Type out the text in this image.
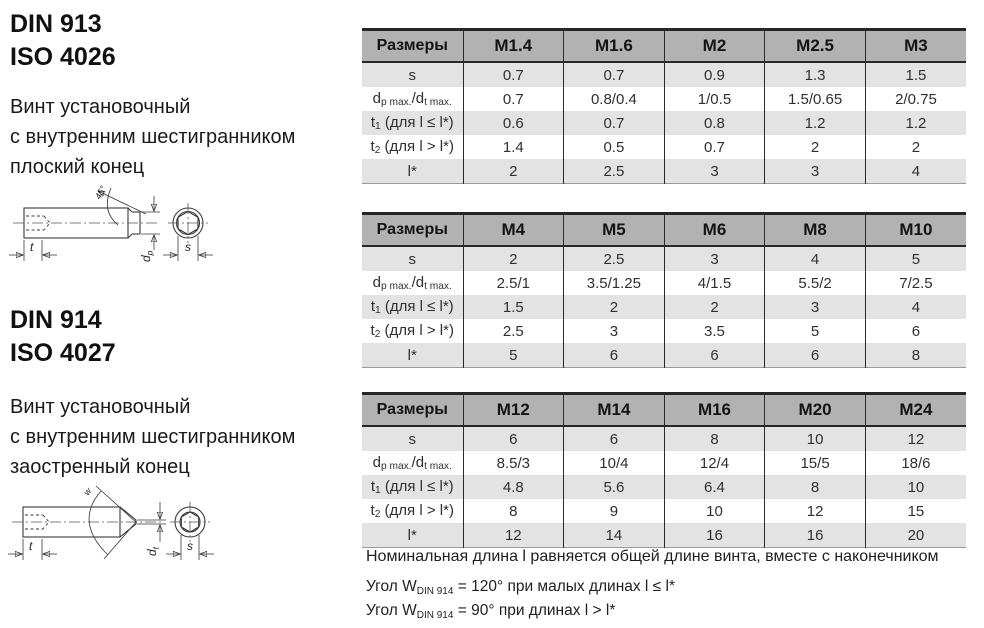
DIN 913
ISO 4026
Винт установочный
с внутренним шестигранником
плоский конец
45°
$d_p$
t	s
DIN 914
ISO 4027
Винт установочный
с внутренним шестигранником
заостренный конец
w
$d_t$
t	s
Размеры	M1.4	M1.6	M2	M2.5	M3
s	0.7	0.7	0.9	1.3	1.5
dp max./dt max.	0.7	0.8/0.4	1/0.5	1.5/0.65	2/0.75
t1 (для l ≤ l*)	0.6	0.7	0.8	1.2	1.2
t2 (для l > l*)	1.4	0.5	0.7	2	2
l*	2	2.5	3	3	4
Размеры	M4	M5	M6	M8	M10
s	2	2.5	3	4	5
dp max./dt max.	2.5/1	3.5/1.25	4/1.5	5.5/2	7/2.5
t1 (для l ≤ l*)	1.5	2	2	3	4
t2 (для l > l*)	2.5	3	3.5	5	6
l*	5	6	6	6	8
Размеры	M12	M14	M16	M20	M24
s	6	6	8	10	12
dp max./dt max.	8.5/3	10/4	12/4	15/5	18/6
t1 (для l ≤ l*)	4.8	5.6	6.4	8	10
t2 (для l > l*)	8	9	10	12	15
l*	12	14	16	16	20
Номинальная длина l равняется общей длине винта, вместе с наконечником
Угол $W_{DIN 914} = 120^\circ$ при малых длинах l ≤ l*
Угол $W_{DIN 914} = 90^\circ$ при длинах l > l*
